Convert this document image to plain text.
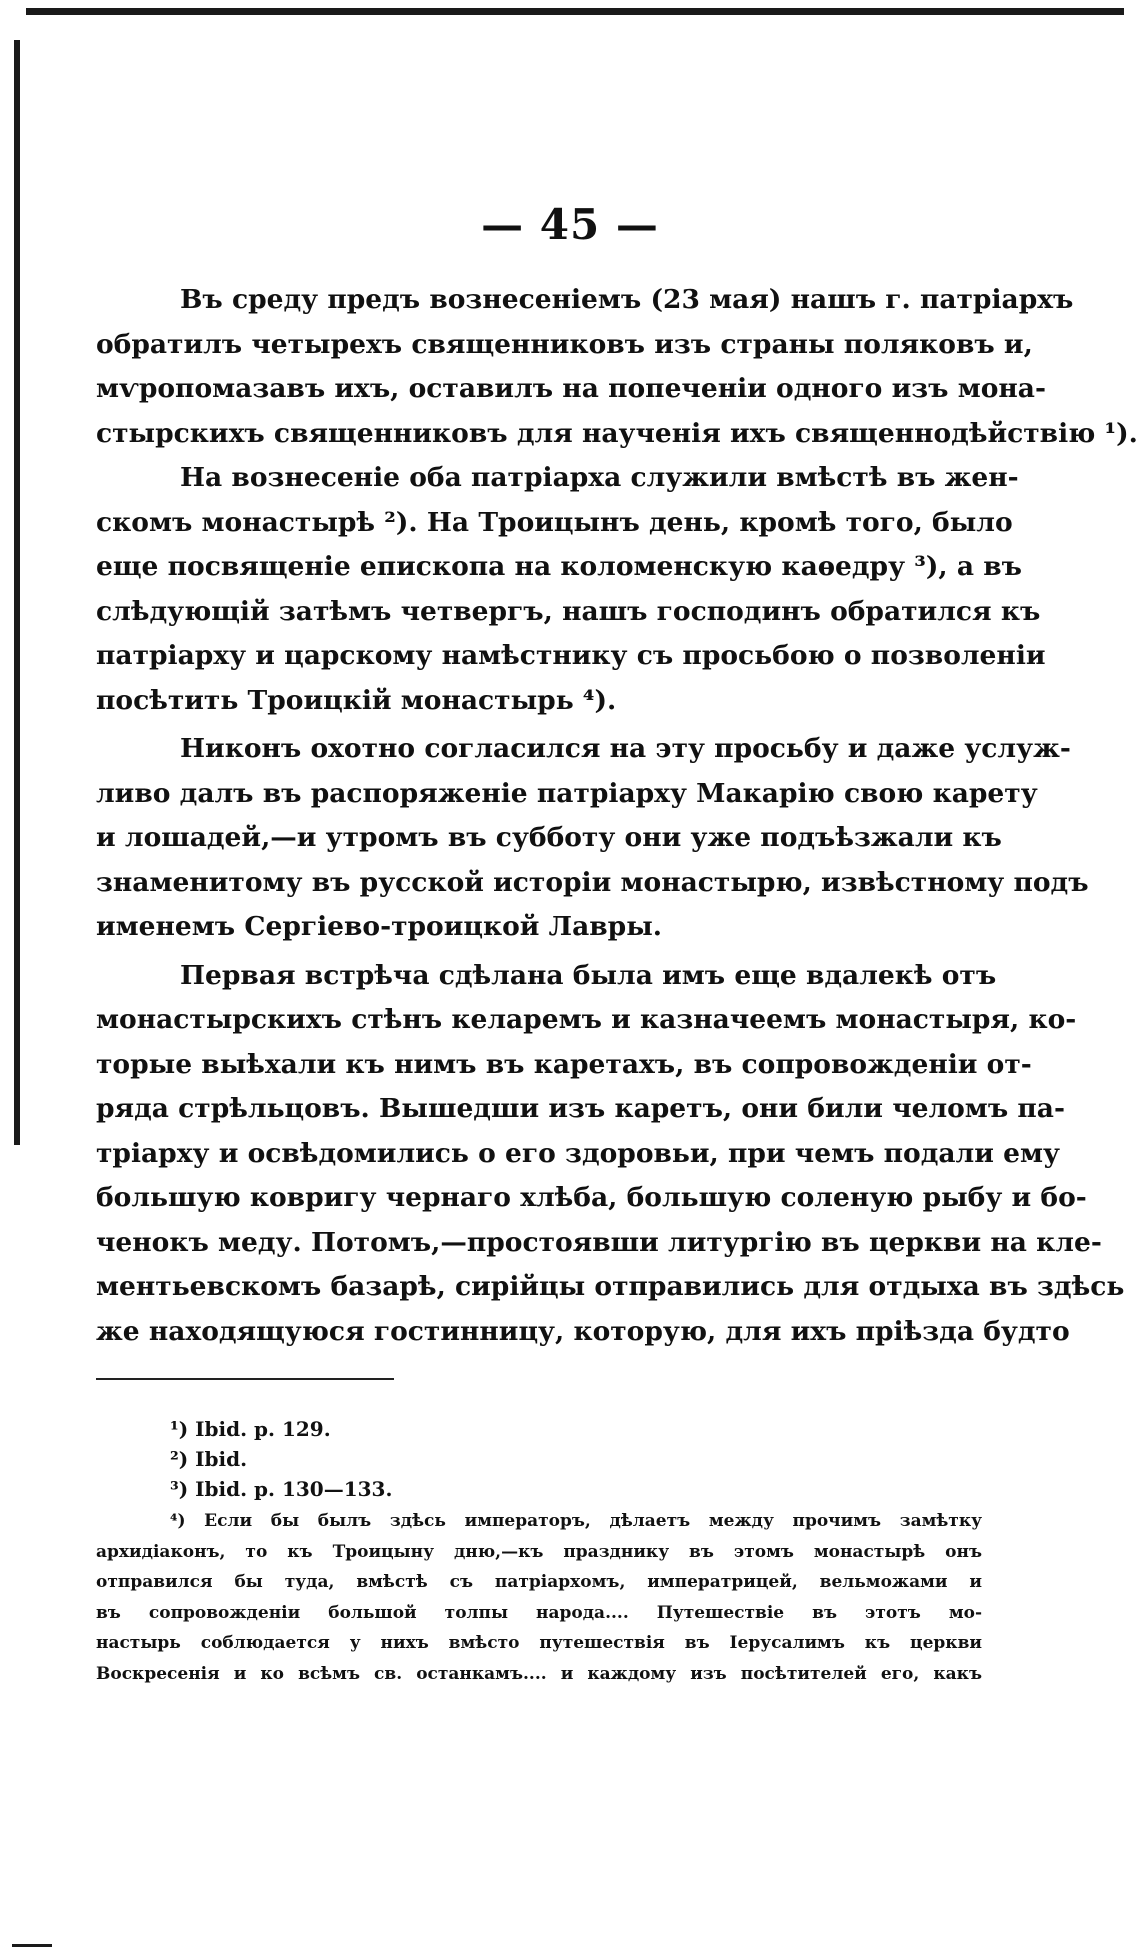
— 45 —
Въ среду предъ вознесеніемъ (23 мая) нашъ г. патріархъ
обратилъ четырехъ священниковъ изъ страны поляковъ и,
мѵропомазавъ ихъ, оставилъ на попеченіи одного изъ мона-
стырскихъ священниковъ для наученія ихъ священнодѣйствію ¹).
На вознесеніе оба патріарха служили вмѣстѣ въ жен-
скомъ монастырѣ ²). На Троицынъ день, кромѣ того, было
еще посвященіе епископа на коломенскую каѳедру ³), а въ
слѣдующій затѣмъ четвергъ, нашъ господинъ обратился къ
патріарху и царскому намѣстнику съ просьбою о позволеніи
посѣтить Троицкій монастырь ⁴).
Никонъ охотно согласился на эту просьбу и даже услуж-
ливо далъ въ распоряженіе патріарху Макарію свою карету
и лошадей,—и утромъ въ субботу они уже подъѣзжали къ
знаменитому въ русской исторіи монастырю, извѣстному подъ
именемъ Сергіево-троицкой Лавры.
Первая встрѣча сдѣлана была имъ еще вдалекѣ отъ
монастырскихъ стѣнъ келаремъ и казначеемъ монастыря, ко-
торые выѣхали къ нимъ въ каретахъ, въ сопровожденіи от-
ряда стрѣльцовъ. Вышедши изъ каретъ, они били челомъ па-
тріарху и освѣдомились о его здоровьи, при чемъ подали ему
большую ковригу чернаго хлѣба, большую соленую рыбу и бо-
ченокъ меду. Потомъ,—простоявши литургію въ церкви на кле-
ментьевскомъ базарѣ, сирійцы отправились для отдыха въ здѣсь
же находящуюся гостинницу, которую, для ихъ пріѣзда будто
¹) Ibid. p. 129.
²) Ibid.
³) Ibid. p. 130—133.
⁴) Если бы былъ здѣсь императоръ, дѣлаетъ между прочимъ замѣтку
архидіаконъ, то къ Троицыну дню,—къ празднику въ этомъ монастырѣ онъ
отправился бы туда, вмѣстѣ съ патріархомъ, императрицей, вельможами и
въ сопровожденіи большой толпы народа.... Путешествіе въ этотъ мо-
настырь соблюдается у нихъ вмѣсто путешествія въ Іерусалимъ къ церкви
Воскресенія и ко всѣмъ св. останкамъ.... и каждому изъ посѣтителей его, какъ
